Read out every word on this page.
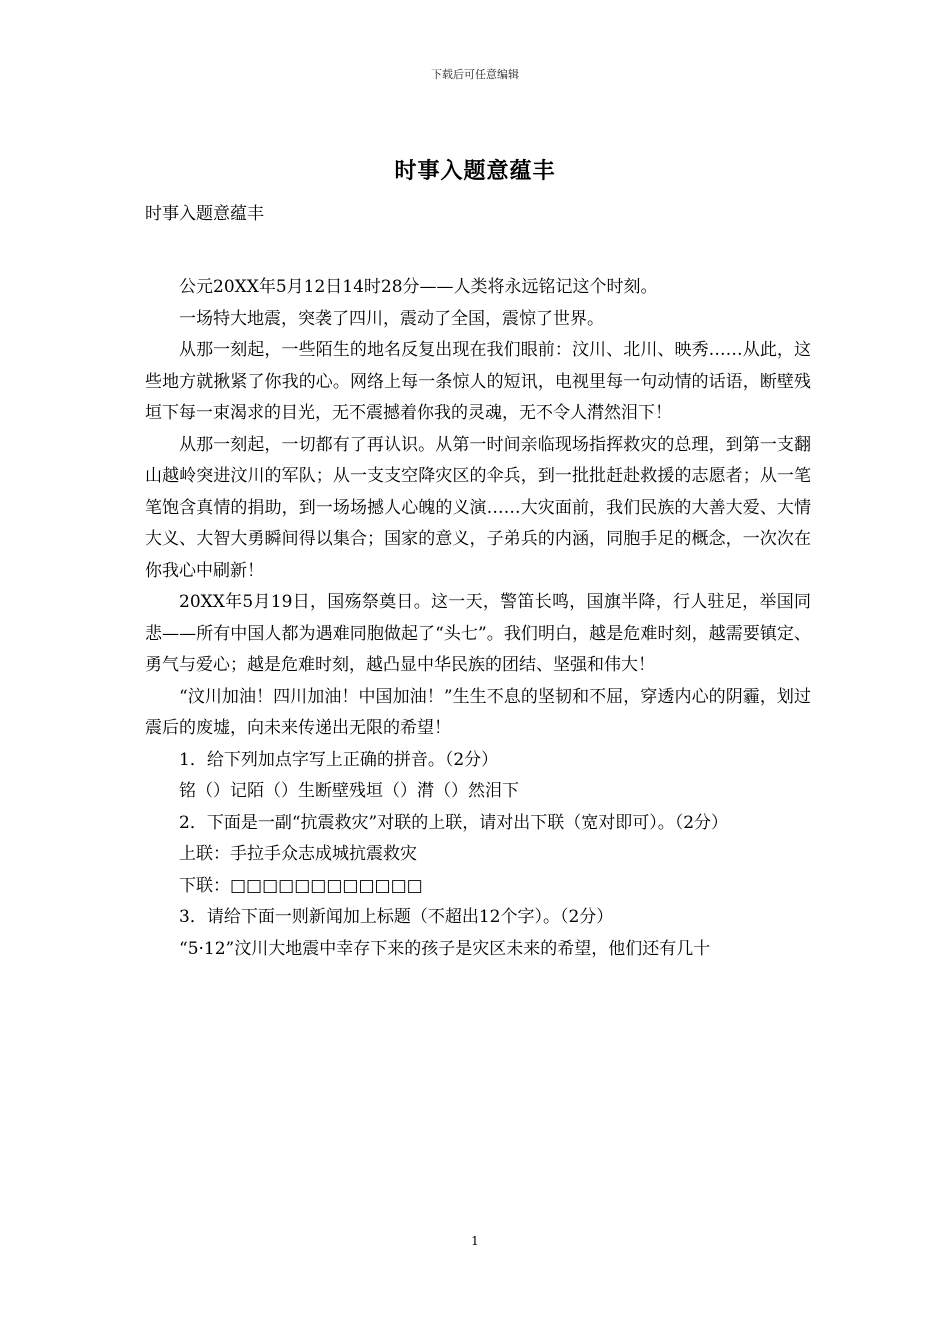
下载后可任意编辑
时事入题意蕴丰
时事入题意蕴丰

公元20XX年5月12日14时28分——人类将永远铭记这个时刻。

一场特大地震，突袭了四川，震动了全国，震惊了世界。

从那一刻起，一些陌生的地名反复出现在我们眼前：汶川、北川、映秀……从此，这些地方就揪紧了你我的心。网络上每一条惊人的短讯，电视里每一句动情的话语，断壁残垣下每一束渴求的目光，无不震撼着你我的灵魂，无不令人潸然泪下！

从那一刻起，一切都有了再认识。从第一时间亲临现场指挥救灾的总理，到第一支翻山越岭突进汶川的军队；从一支支空降灾区的伞兵，到一批批赶赴救援的志愿者；从一笔笔饱含真情的捐助，到一场场撼人心魄的义演……大灾面前，我们民族的大善大爱、大情大义、大智大勇瞬间得以集合；国家的意义，子弟兵的内涵，同胞手足的概念，一次次在你我心中刷新！

20XX年5月19日，国殇祭奠日。这一天，警笛长鸣，国旗半降，行人驻足，举国同悲——所有中国人都为遇难同胞做起了“头七”。我们明白，越是危难时刻，越需要镇定、勇气与爱心；越是危难时刻，越凸显中华民族的团结、坚强和伟大！

“汶川加油！四川加油！中国加油！”生生不息的坚韧和不屈，穿透内心的阴霾，划过震后的废墟，向未来传递出无限的希望！

1．给下列加点字写上正确的拼音。（2分）

铭（）记陌（）生断壁残垣（）潸（）然泪下

2．下面是一副“抗震救灾”对联的上联，请对出下联（宽对即可）。（2分）

上联：手拉手众志成城抗震救灾

下联：□□□□□□□□□□□□

3．请给下面一则新闻加上标题（不超出12个字）。（2分）

“5·12”汶川大地震中幸存下来的孩子是灾区未来的希望，他们还有几十

1
